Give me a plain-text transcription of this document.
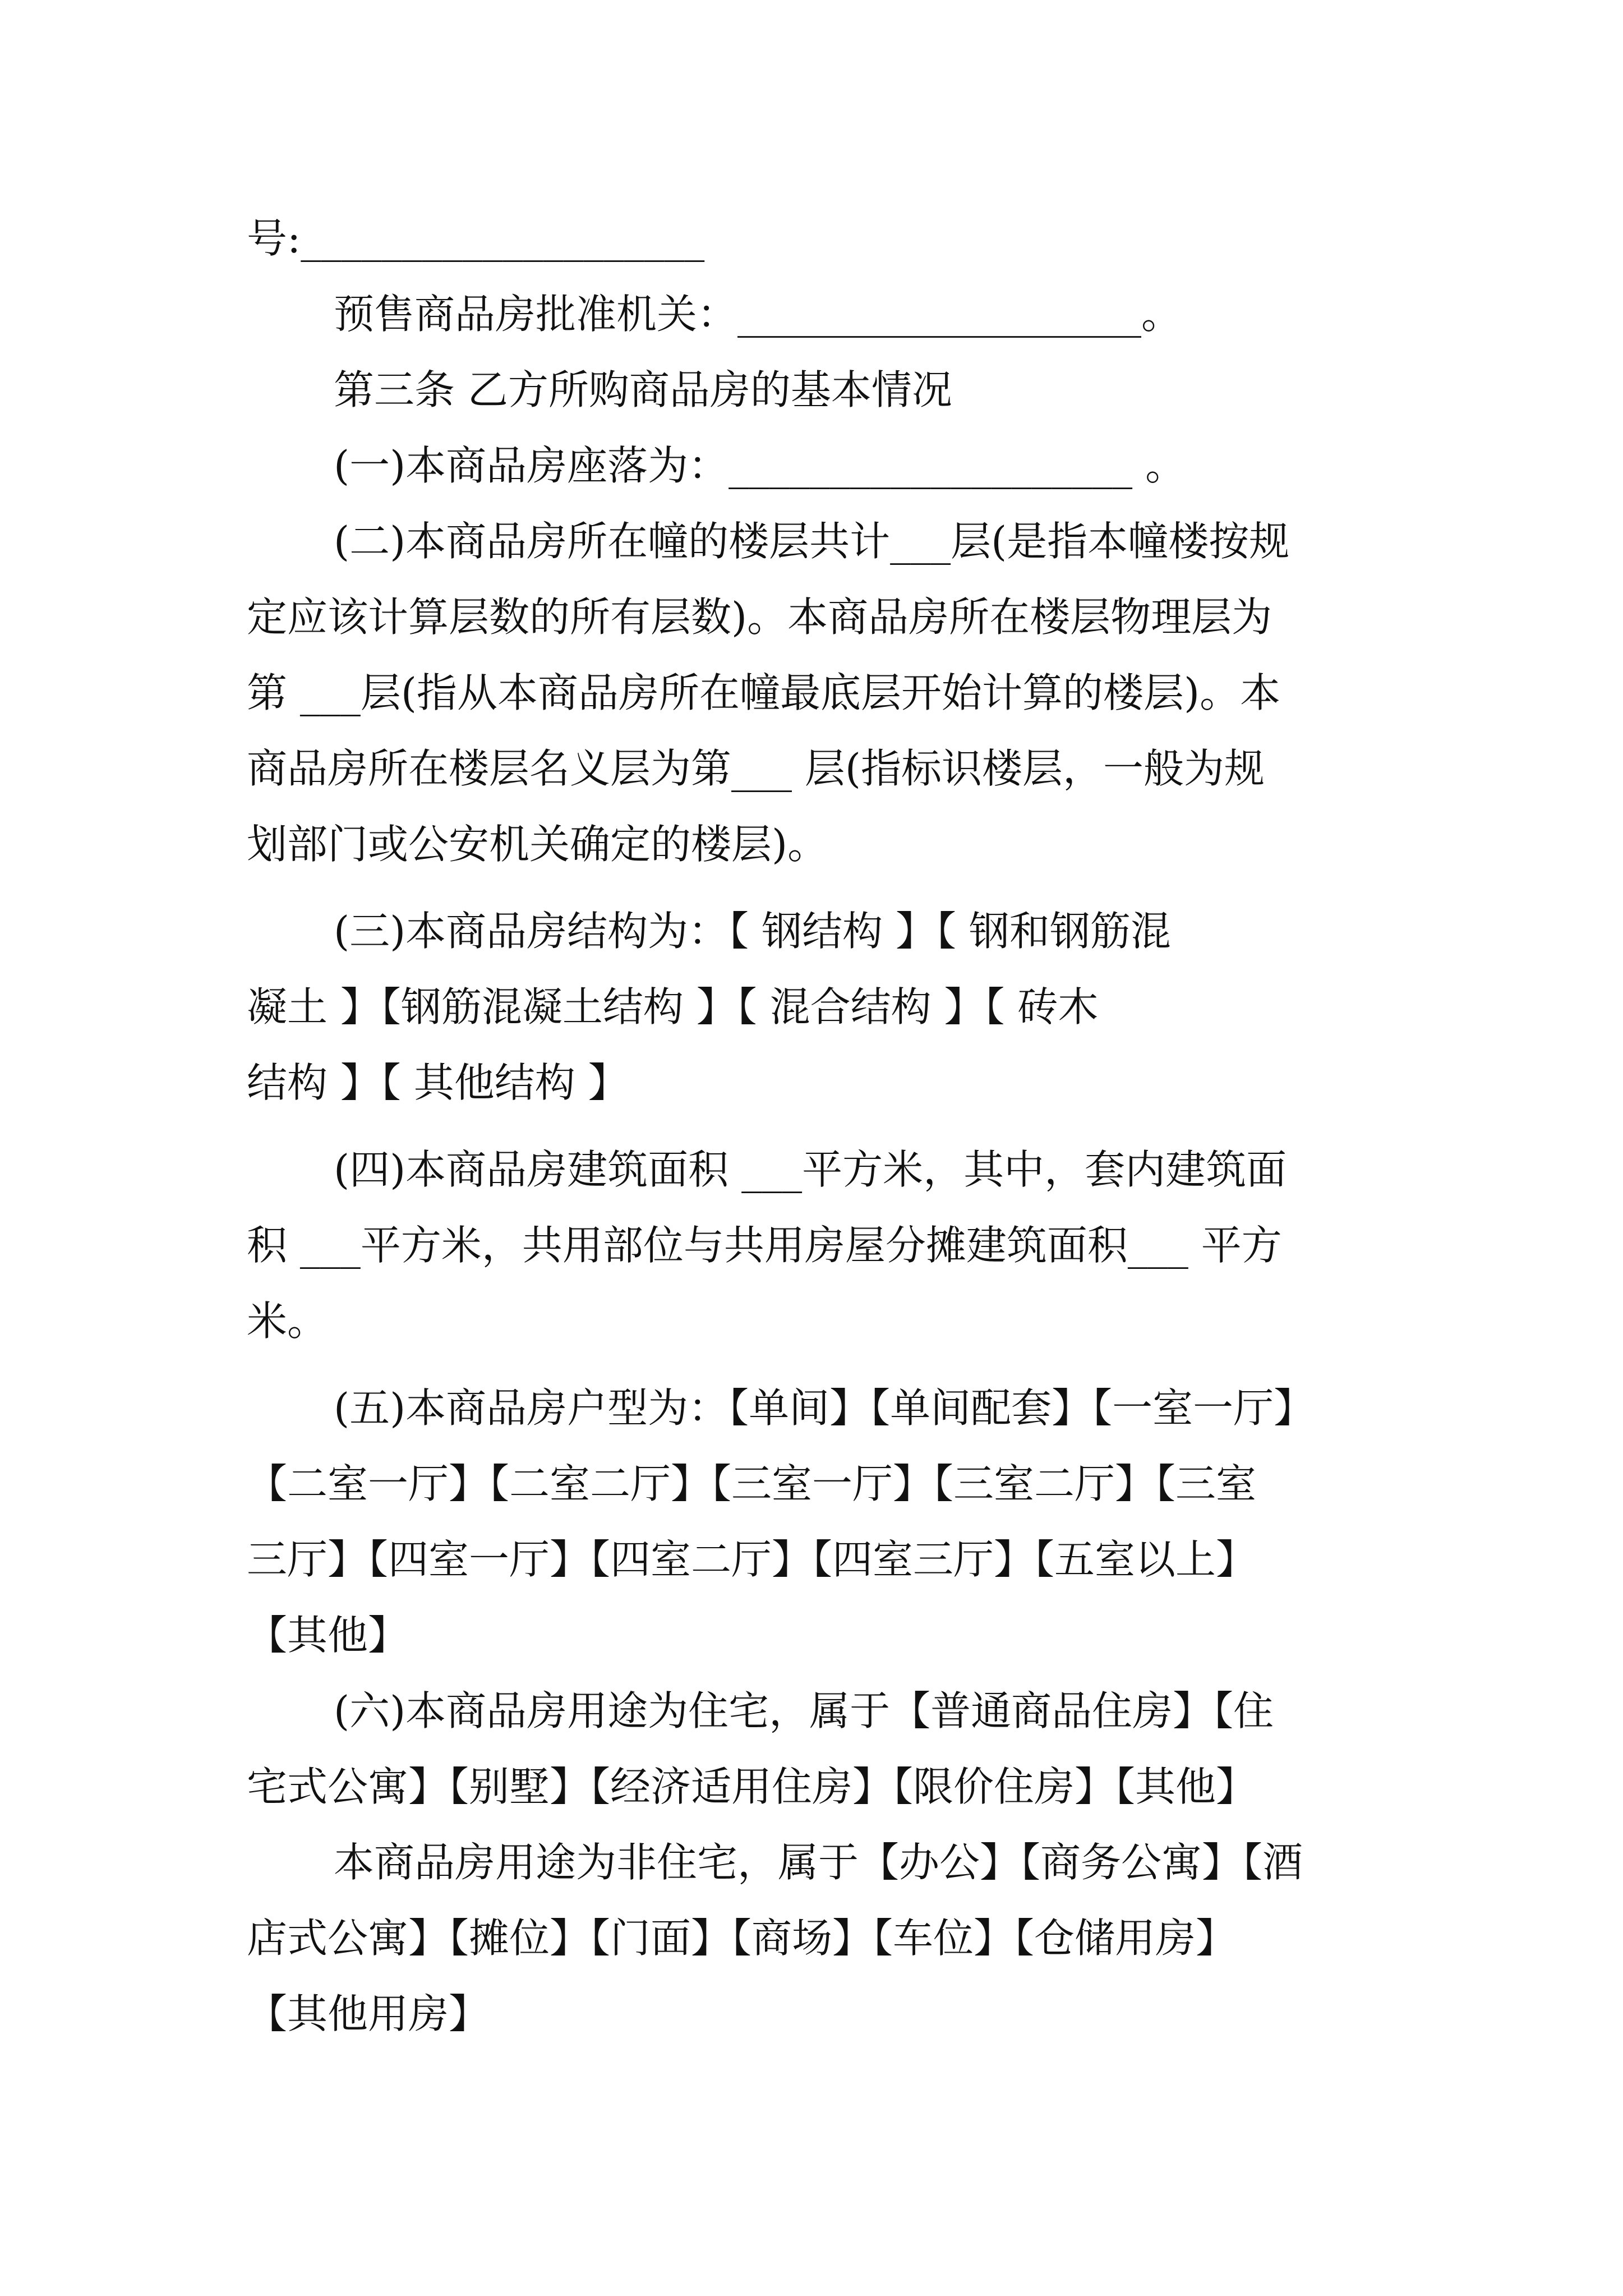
号:____________________
预售商品房批准机关：____________________。
第三条 乙方所购商品房的基本情况
(一)本商品房座落为：____________________ 。
(二)本商品房所在幢的楼层共计___层(是指本幢楼按规
定应该计算层数的所有层数)。本商品房所在楼层物理层为
第 ___层(指从本商品房所在幢最底层开始计算的楼层)。本
商品房所在楼层名义层为第___ 层(指标识楼层，一般为规
划部门或公安机关确定的楼层)。
(三)本商品房结构为：【 钢结构 】【 钢和钢筋混
凝土 】【钢筋混凝土结构 】【 混合结构 】【 砖木
结构 】【 其他结构 】
(四)本商品房建筑面积 ___平方米，其中，套内建筑面
积 ___平方米，共用部位与共用房屋分摊建筑面积___ 平方
米。
(五)本商品房户型为：【单间】【单间配套】【一室一厅】
【二室一厅】【二室二厅】【三室一厅】【三室二厅】【三室
三厅】【四室一厅】【四室二厅】【四室三厅】【五室以上】
【其他】
(六)本商品房用途为住宅，属于【普通商品住房】【住
宅式公寓】【别墅】【经济适用住房】【限价住房】【其他】
本商品房用途为非住宅，属于【办公】【商务公寓】【酒
店式公寓】【摊位】【门面】【商场】【车位】【仓储用房】
【其他用房】
